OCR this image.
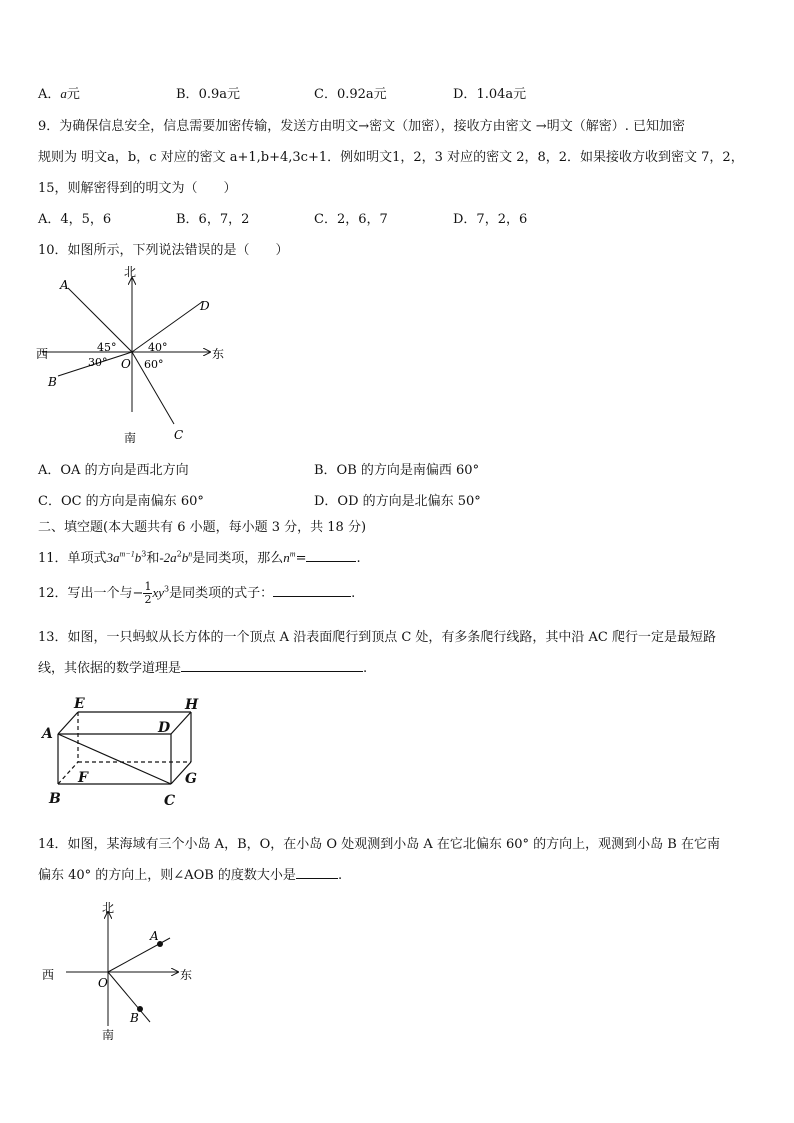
A．a元	B．0.9a元	C．0.92a元	D．1.04a元
9．为确保信息安全，信息需要加密传输，发送方由明文→密文（加密），接收方由密文 →明文（解密）. 已知加密
规则为 明文a，b，c 对应的密文 a+1,b+4,3c+1．例如明文1，2，3 对应的密文 2，8，2．如果接收方收到密文 7，2，
15，则解密得到的明文为（　　）
A．4，5，6	B．6，7，2	C．2，6，7	D．7，2，6
10．如图所示，下列说法错误的是（　　）
北
南
西	东
A
B
C
D
O
45°	40°
30°	60°
A．OA 的方向是西北方向	B．OB 的方向是南偏西 60°
C．OC 的方向是南偏东 60°	D．OD 的方向是北偏东 50°
二、填空题(本大题共有 6 小题，每小题 3 分，共 18 分)
11．单项式$3a^{m-1}b^3$和$-2a^2b^n$是同类项，那么$n^m=$	.
12．写出一个与− $\frac{1}{2} xy^3$是同类项的式子：	.
13．如图，一只蚂蚁从长方体的一个顶点 A 沿表面爬行到顶点 C 处，有多条爬行线路，其中沿 AC 爬行一定是最短路
线，其依据的数学道理是	.
A
B	C
D
E
F	G
H
14．如图，某海域有三个小岛 A，B，O，在小岛 O 处观测到小岛 A 在它北偏东 60° 的方向上，观测到小岛 B 在它南
偏东 40° 的方向上，则∠AOB 的度数大小是	.
北
南
西	东
A
B
O
